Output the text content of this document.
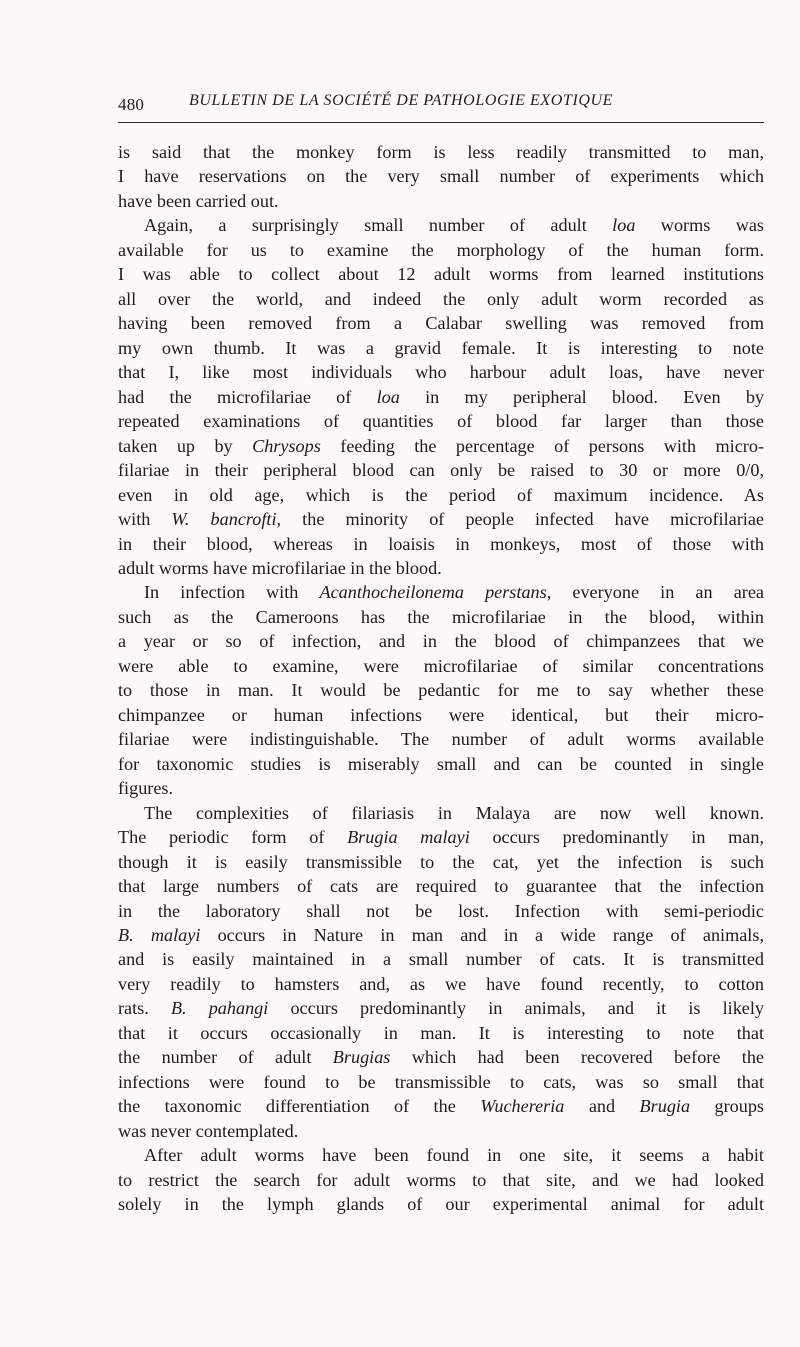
480	BULLETIN DE LA SOCIÉTÉ DE PATHOLOGIE EXOTIQUE
is said that the monkey form is less readily transmitted to man,
I have reservations on the very small number of experiments which
have been carried out.
Again, a surprisingly small number of adult loa worms was
available for us to examine the morphology of the human form.
I was able to collect about 12 adult worms from learned institutions
all over the world, and indeed the only adult worm recorded as
having been removed from a Calabar swelling was removed from
my own thumb. It was a gravid female. It is interesting to note
that I, like most individuals who harbour adult loas, have never
had the microfilariae of loa in my peripheral blood. Even by
repeated examinations of quantities of blood far larger than those
taken up by Chrysops feeding the percentage of persons with micro-
filariae in their peripheral blood can only be raised to 30 or more 0/0,
even in old age, which is the period of maximum incidence. As
with W. bancrofti, the minority of people infected have microfilariae
in their blood, whereas in loaisis in monkeys, most of those with
adult worms have microfilariae in the blood.
In infection with Acanthocheilonema perstans, everyone in an area
such as the Cameroons has the microfilariae in the blood, within
a year or so of infection, and in the blood of chimpanzees that we
were able to examine, were microfilariae of similar concentrations
to those in man. It would be pedantic for me to say whether these
chimpanzee or human infections were identical, but their micro-
filariae were indistinguishable. The number of adult worms available
for taxonomic studies is miserably small and can be counted in single
figures.
The complexities of filariasis in Malaya are now well known.
The periodic form of Brugia malayi occurs predominantly in man,
though it is easily transmissible to the cat, yet the infection is such
that large numbers of cats are required to guarantee that the infection
in the laboratory shall not be lost. Infection with semi-periodic
B. malayi occurs in Nature in man and in a wide range of animals,
and is easily maintained in a small number of cats. It is transmitted
very readily to hamsters and, as we have found recently, to cotton
rats. B. pahangi occurs predominantly in animals, and it is likely
that it occurs occasionally in man. It is interesting to note that
the number of adult Brugias which had been recovered before the
infections were found to be transmissible to cats, was so small that
the taxonomic differentiation of the Wuchereria and Brugia groups
was never contemplated.
After adult worms have been found in one site, it seems a habit
to restrict the search for adult worms to that site, and we had looked
solely in the lymph glands of our experimental animal for adult
